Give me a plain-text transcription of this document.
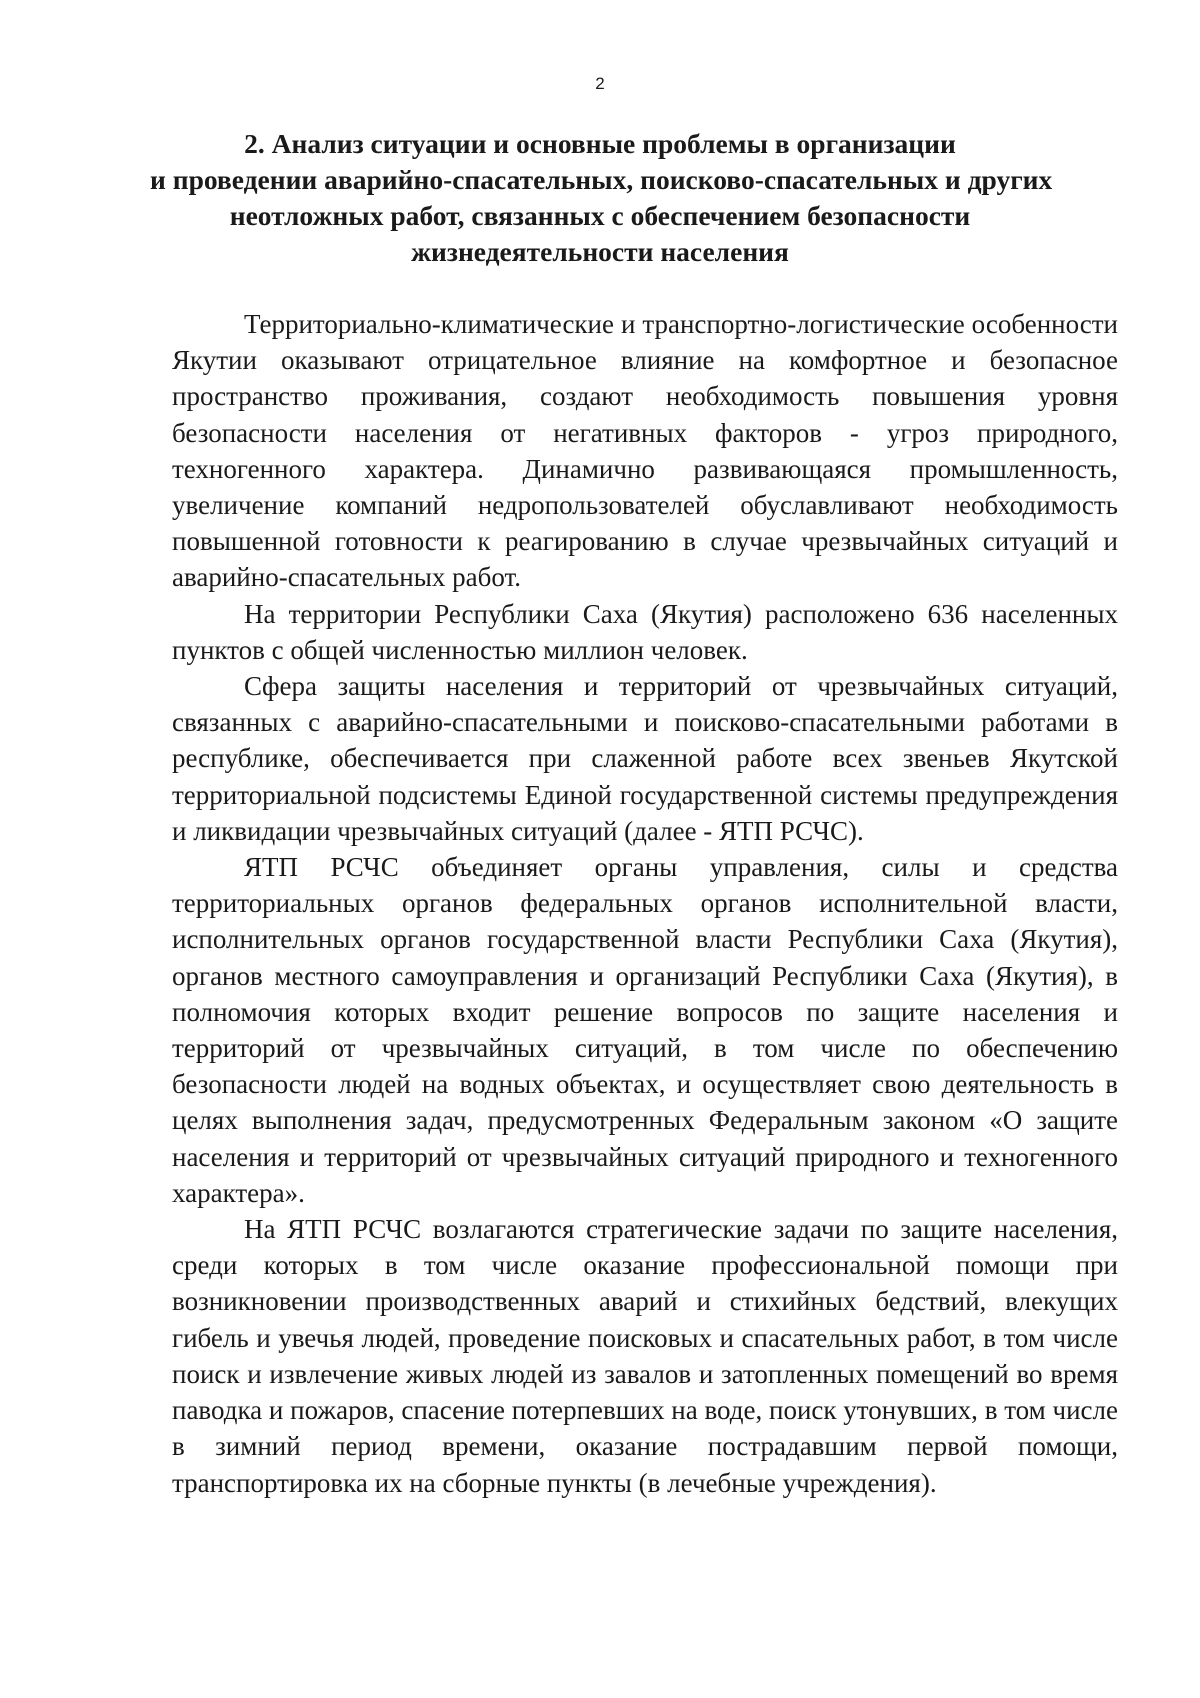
2
2. Анализ ситуации и основные проблемы в организации
и проведении аварийно-спасательных, поисково-спасательных и других
неотложных работ, связанных с обеспечением безопасности
жизнедеятельности населения

Территориально-климатические и транспортно-логистические особенности Якутии оказывают отрицательное влияние на комфортное и безопасное пространство проживания, создают необходимость повышения уровня безопасности населения от негативных факторов - угроз природного, техногенного характера. Динамично развивающаяся промышленность, увеличение компаний недропользователей обуславливают необходимость повышенной готовности к реагированию в случае чрезвычайных ситуаций и аварийно-спасательных работ.

На территории Республики Саха (Якутия) расположено 636 населенных пунктов с общей численностью миллион человек.

Сфера защиты населения и территорий от чрезвычайных ситуаций, связанных с аварийно-спасательными и поисково-спасательными работами в республике, обеспечивается при слаженной работе всех звеньев Якутской территориальной подсистемы Единой государственной системы предупреждения и ликвидации чрезвычайных ситуаций (далее - ЯТП РСЧС).

ЯТП РСЧС объединяет органы управления, силы и средства территориальных органов федеральных органов исполнительной власти, исполнительных органов государственной власти Республики Саха (Якутия), органов местного самоуправления и организаций Республики Саха (Якутия), в полномочия которых входит решение вопросов по защите населения и территорий от чрезвычайных ситуаций, в том числе по обеспечению безопасности людей на водных объектах, и осуществляет свою деятельность в целях выполнения задач, предусмотренных Федеральным законом «О защите населения и территорий от чрезвычайных ситуаций природного и техногенного характера».

На ЯТП РСЧС возлагаются стратегические задачи по защите населения, среди которых в том числе оказание профессиональной помощи при возникновении производственных аварий и стихийных бедствий, влекущих гибель и увечья людей, проведение поисковых и спасательных работ, в том числе поиск и извлечение живых людей из завалов и затопленных помещений во время паводка и пожаров, спасение потерпевших на воде, поиск утонувших, в том числе в зимний период времени, оказание пострадавшим первой помощи, транспортировка их на сборные пункты (в лечебные учреждения).
